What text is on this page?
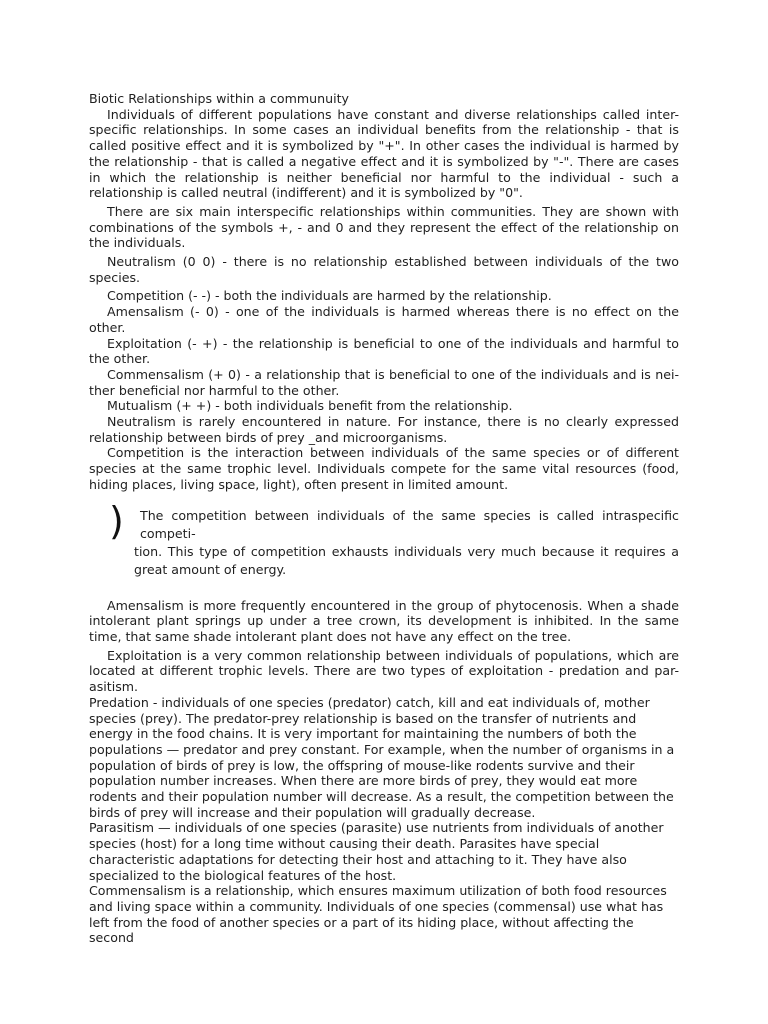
Biotic Relationships within a communuity

Individuals of different populations have constant and diverse relationships called inter-specific relationships. In some cases an individual benefits from the relationship - that is called positive effect and it is symbolized by "+". In other cases the individual is harmed by the relationship - that is called a negative effect and it is symbolized by "-". There are cases in which the relationship is neither beneficial nor harmful to the individual - such a relationship is called neutral (indifferent) and it is symbolized by "0".

There are six main interspecific relationships within communities. They are shown with combinations of the symbols +, - and 0 and they represent the effect of the relationship on the individuals.

Neutralism (0 0) - there is no relationship established between individuals of the two species.

Competition (- -) - both the individuals are harmed by the relationship.

Amensalism (- 0) - one of the individuals is harmed whereas there is no effect on the other.

Exploitation (- +) - the relationship is beneficial to one of the individuals and harmful to the other.

Commensalism (+ 0) - a relationship that is beneficial to one of the individuals and is nei-ther beneficial nor harmful to the other.

Mutualism (+ +) - both individuals benefit from the relationship.

Neutralism is rarely encountered in nature. For instance, there is no clearly expressed relationship between birds of prey _and microorganisms.

Competition is the interaction between individuals of the same species or of different species at the same trophic level. Individuals compete for the same vital resources (food, hiding places, living space, light), often present in limited amount.

)	The competition between individuals of the same species is called intraspecific competi-
tion. This type of competition exhausts individuals very much because it requires a great amount of energy.

Amensalism is more frequently encountered in the group of phytocenosis. When a shade intolerant plant springs up under a tree crown, its development is inhibited. In the same time, that same shade intolerant plant does not have any effect on the tree.

Exploitation is a very common relationship between individuals of populations, which are located at different trophic levels. There are two types of exploitation - predation and par-asitism.

Predation - individuals of one species (predator) catch, kill and eat individuals of, mother species (prey). The predator-prey relationship is based on the transfer of nutrients and energy in the food chains. It is very important for maintaining the numbers of both the populations — predator and prey constant. For example, when the number of organisms in a population of birds of prey is low, the offspring of mouse-like rodents survive and their population number increases. When there are more birds of prey, they would eat more rodents and their population number will decrease. As a result, the competition between the birds of prey will increase and their population will gradually decrease.

Parasitism — individuals of one species (parasite) use nutrients from individuals of another species (host) for a long time without causing their death. Parasites have special characteristic adaptations for detecting their host and attaching to it. They have also specialized to the biological features of the host.

Commensalism is a relationship, which ensures maximum utilization of both food resources and living space within a community. Individuals of one species (commensal) use what has left from the food of another species or a part of its hiding place, without affecting the second
